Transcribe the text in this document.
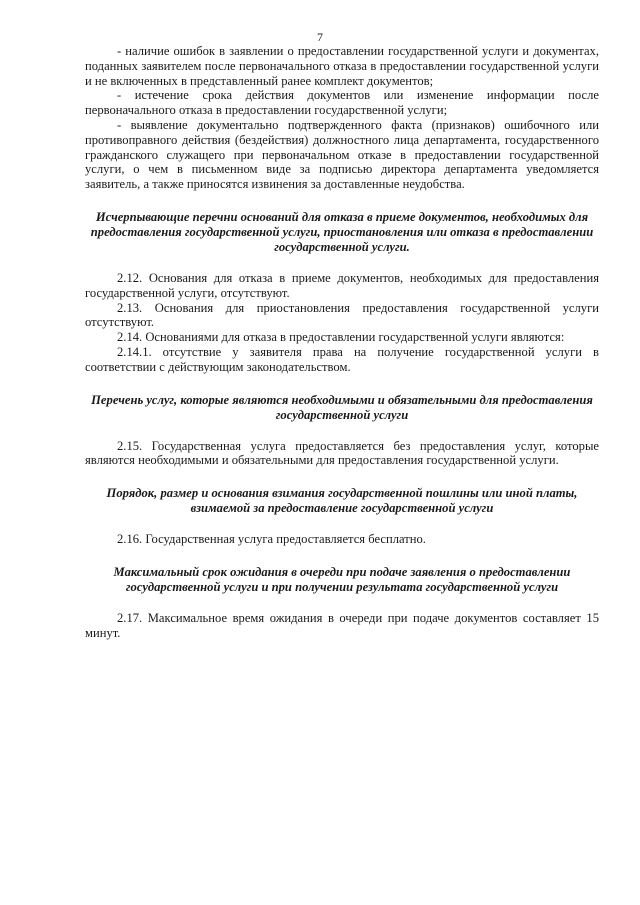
7

- наличие ошибок в заявлении о предоставлении государственной услуги и документах, поданных заявителем после первоначального отказа в предоставлении государственной услуги и не включенных в представленный ранее комплект документов;

- истечение срока действия документов или изменение информации после первоначального отказа в предоставлении государственной услуги;

- выявление документально подтвержденного факта (признаков) ошибочного или противоправного действия (бездействия) должностного лица департамента, государственного гражданского служащего при первоначальном отказе в предоставлении государственной услуги, о чем в письменном виде за подписью директора департамента уведомляется заявитель, а также приносятся извинения за доставленные неудобства.

Исчерпывающие перечни оснований для отказа в приеме документов, необходимых для предоставления государственной услуги, приостановления или отказа в предоставлении государственной услуги.

2.12. Основания для отказа в приеме документов, необходимых для предоставления государственной услуги, отсутствуют.

2.13. Основания для приостановления предоставления государственной услуги отсутствуют.

2.14. Основаниями для отказа в предоставлении государственной услуги являются:

2.14.1. отсутствие у заявителя права на получение государственной услуги в соответствии с действующим законодательством.

Перечень услуг, которые являются необходимыми и обязательными для предоставления государственной услуги

2.15. Государственная услуга предоставляется без предоставления услуг, которые являются необходимыми и обязательными для предоставления государственной услуги.

Порядок, размер и основания взимания государственной пошлины или иной платы, взимаемой за предоставление государственной услуги

2.16. Государственная услуга предоставляется бесплатно.

Максимальный срок ожидания в очереди при подаче заявления о предоставлении государственной услуги и при получении результата государственной услуги

2.17. Максимальное время ожидания в очереди при подаче документов составляет 15 минут.
